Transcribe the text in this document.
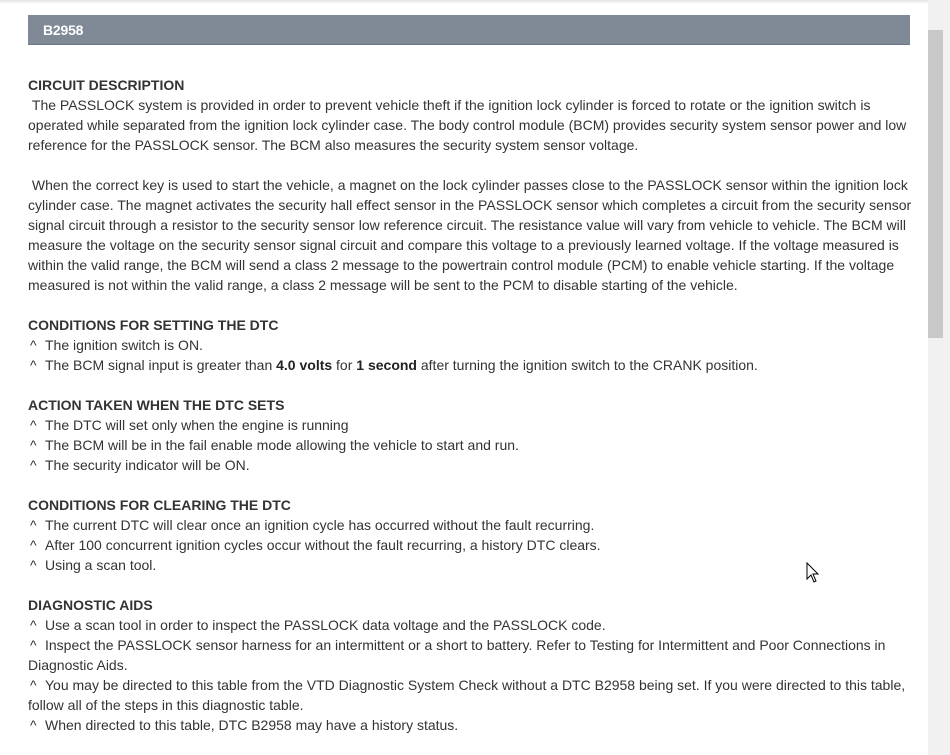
B2958
CIRCUIT DESCRIPTION

The PASSLOCK system is provided in order to prevent vehicle theft if the ignition lock cylinder is forced to rotate or the ignition switch is operated while separated from the ignition lock cylinder case. The body control module (BCM) provides security system sensor power and low reference for the PASSLOCK sensor. The BCM also measures the security system sensor voltage.

When the correct key is used to start the vehicle, a magnet on the lock cylinder passes close to the PASSLOCK sensor within the ignition lock cylinder case. The magnet activates the security hall effect sensor in the PASSLOCK sensor which completes a circuit from the security sensor signal circuit through a resistor to the security sensor low reference circuit. The resistance value will vary from vehicle to vehicle. The BCM will measure the voltage on the security sensor signal circuit and compare this voltage to a previously learned voltage. If the voltage measured is within the valid range, the BCM will send a class 2 message to the powertrain control module (PCM) to enable vehicle starting. If the voltage measured is not within the valid range, a class 2 message will be sent to the PCM to disable starting of the vehicle.

CONDITIONS FOR SETTING THE DTC
^ The ignition switch is ON.
^ The BCM signal input is greater than 4.0 volts for 1 second after turning the ignition switch to the CRANK position.
ACTION TAKEN WHEN THE DTC SETS
^ The DTC will set only when the engine is running
^ The BCM will be in the fail enable mode allowing the vehicle to start and run.
^ The security indicator will be ON.
CONDITIONS FOR CLEARING THE DTC
^ The current DTC will clear once an ignition cycle has occurred without the fault recurring.
^ After 100 concurrent ignition cycles occur without the fault recurring, a history DTC clears.
^ Using a scan tool.
DIAGNOSTIC AIDS
^ Use a scan tool in order to inspect the PASSLOCK data voltage and the PASSLOCK code.
^ Inspect the PASSLOCK sensor harness for an intermittent or a short to battery. Refer to Testing for Intermittent and Poor Connections in Diagnostic Aids.
^ You may be directed to this table from the VTD Diagnostic System Check without a DTC B2958 being set. If you were directed to this table, follow all of the steps in this diagnostic table.
^ When directed to this table, DTC B2958 may have a history status.
